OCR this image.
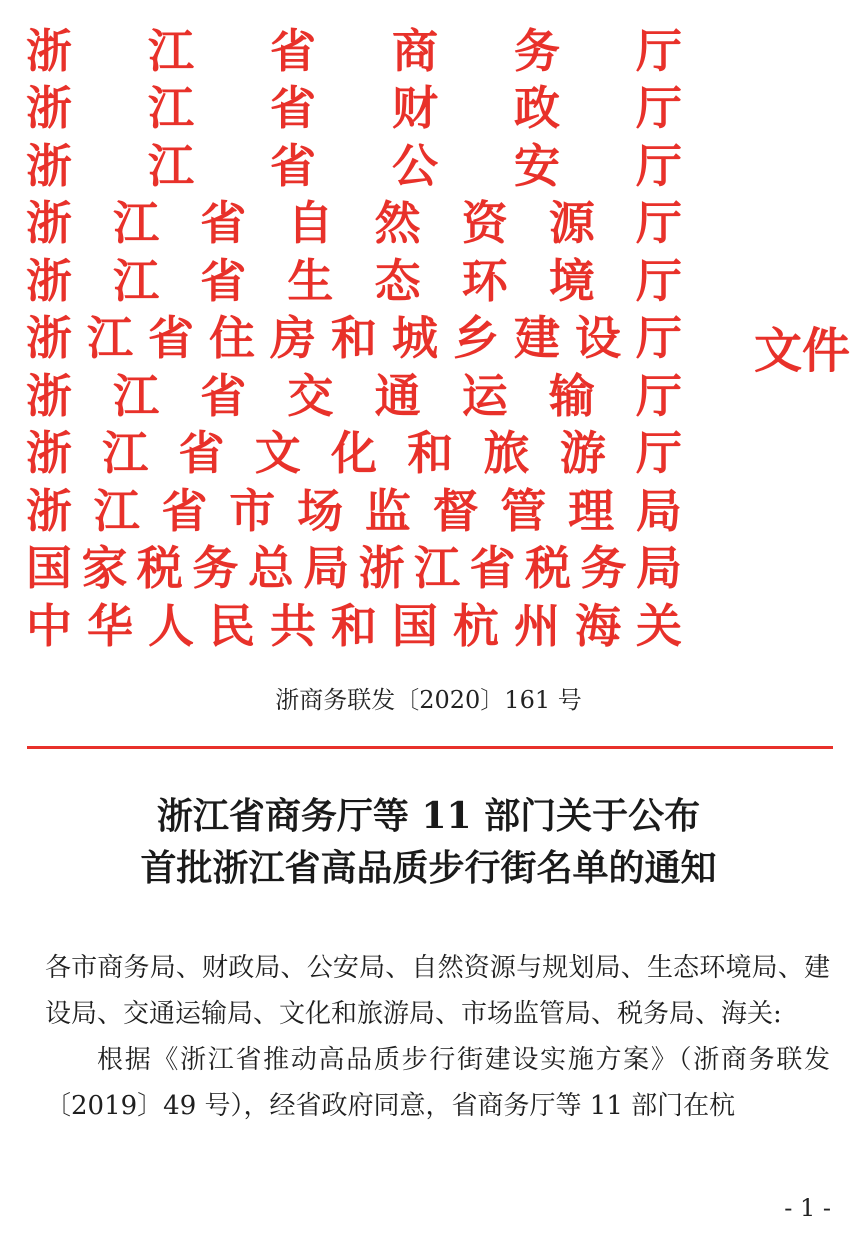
浙 江 省 商 务 厅
浙 江 省 财 政 厅
浙 江 省 公 安 厅
浙 江 省 自 然 资 源 厅
浙 江 省 生 态 环 境 厅
浙 江 省 住 房 和 城 乡 建 设 厅
浙 江 省 交 通 运 输 厅
浙 江 省 文 化 和 旅 游 厅
浙 江 省 市 场 监 督 管 理 局
国 家 税 务 总 局 浙 江 省 税 务 局
中 华 人 民 共 和 国 杭 州 海 关
文件
浙商务联发〔2020〕161 号
浙江省商务厅等 11 部门关于公布
首批浙江省高品质步行街名单的通知

各市商务局、财政局、公安局、自然资源与规划局、生态环境局、建设局、交通运输局、文化和旅游局、市场监管局、税务局、海关:

根据《浙江省推动高品质步行街建设实施方案》（浙商务联发〔2019〕49 号），经省政府同意，省商务厅等 11 部门在杭

- 1 -
